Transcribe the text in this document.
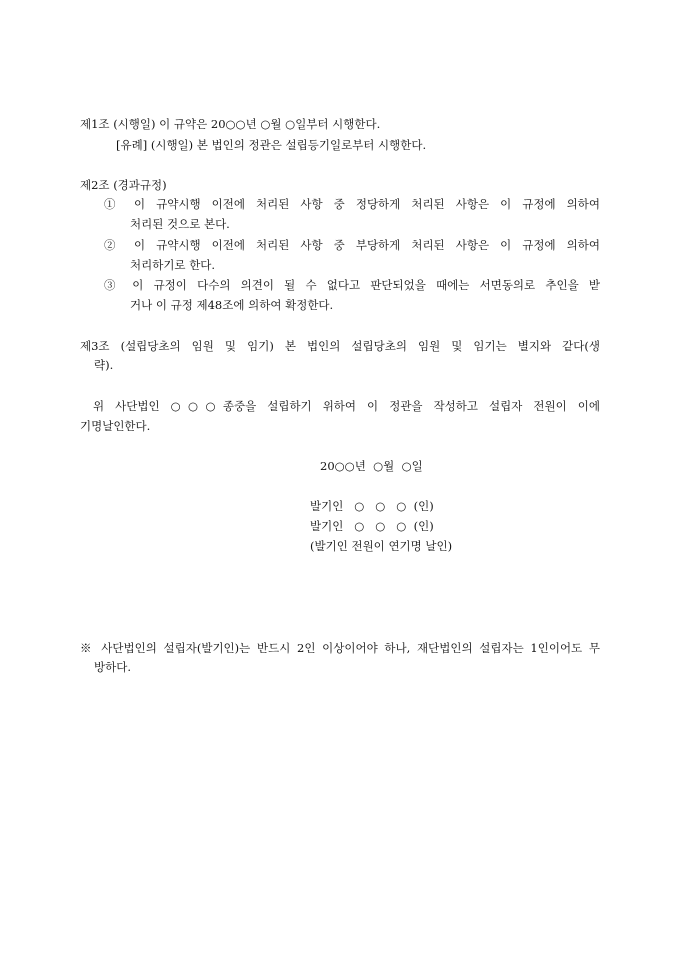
제1조 (시행일) 이 규약은 20○○년 ○월 ○일부터 시행한다.
[유례] (시행일) 본 법인의 정관은 설립등기일로부터 시행한다.
제2조 (경과규정)
① 이 규약시행 이전에 처리된 사항 중 정당하게 처리된 사항은 이 규정에 의하여
처리된 것으로 본다.
② 이 규약시행 이전에 처리된 사항 중 부당하게 처리된 사항은 이 규정에 의하여
처리하기로 한다.
③ 이 규정이 다수의 의견이 될 수 없다고 판단되었을 때에는 서면동의로 추인을 받
거나 이 규정 제48조에 의하여 확정한다.
제3조 (설립당초의 임원 및 임기) 본 법인의 설립당초의 임원 및 임기는 별지와 같다(생
략).
위 사단법인 ○○○종중을 설립하기 위하여 이 정관을 작성하고 설립자 전원이 이에
기명날인한다.
20○○년  ○월  ○일
발기인   ○   ○   ○  (인)
발기인   ○   ○   ○  (인)
(발기인 전원이 연기명 날인)
※ 사단법인의 설립자(발기인)는 반드시 2인 이상이어야 하나, 재단법인의 설립자는 1인이어도 무
방하다.
